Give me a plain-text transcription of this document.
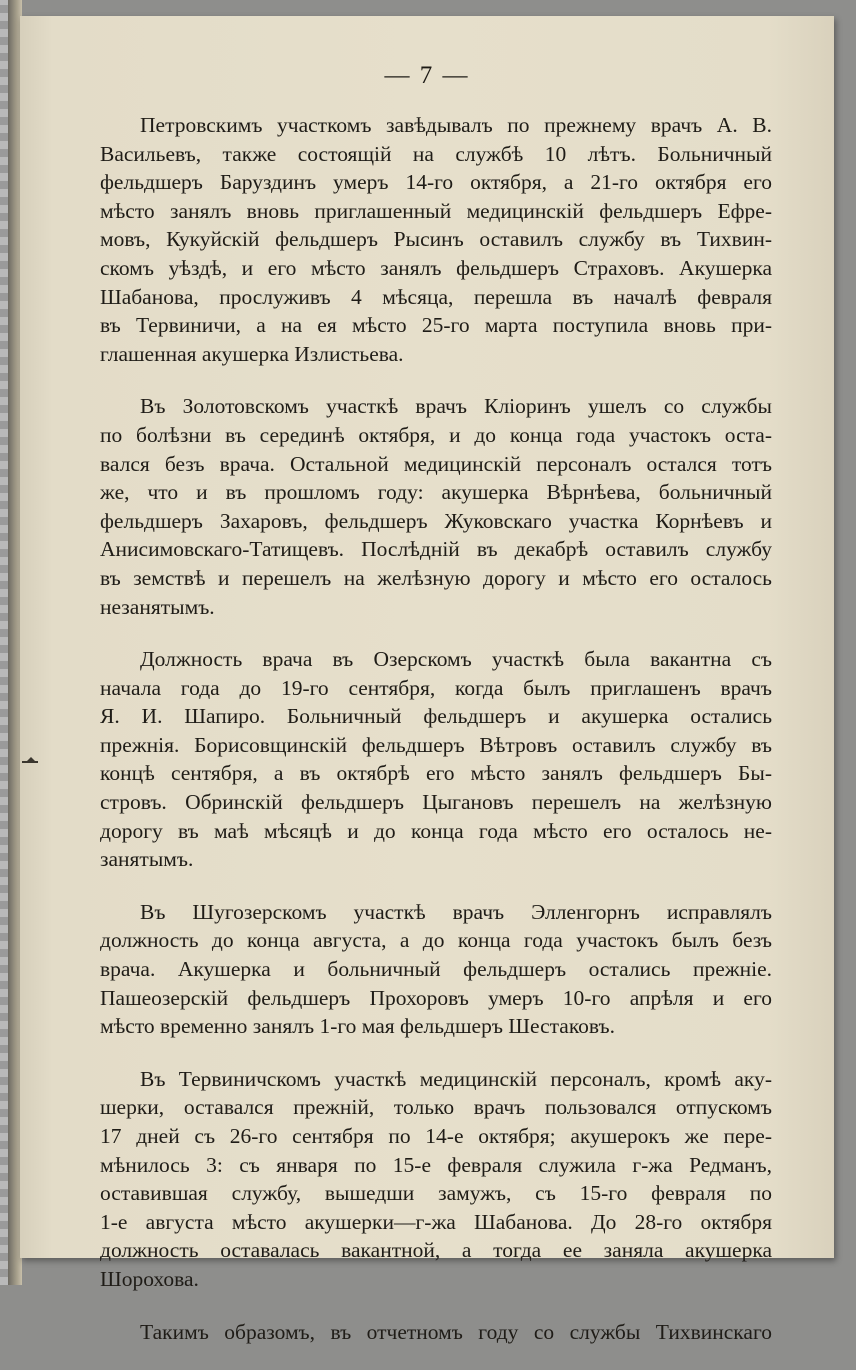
— 7 —

Петровскимъ участкомъ завѣдывалъ по прежнему врачъ А. В.
Васильевъ, также состоящій на службѣ 10 лѣтъ. Больничный
фельдшеръ Баруздинъ умеръ 14-го октября, а 21-го октября его
мѣсто занялъ вновь приглашенный медицинскій фельдшеръ Ефре-
мовъ, Кукуйскій фельдшеръ Рысинъ оставилъ службу въ Тихвин-
скомъ уѣздѣ, и его мѣсто занялъ фельдшеръ Страховъ. Акушерка
Шабанова, прослуживъ 4 мѣсяца, перешла въ началѣ февраля
въ Тервиничи, а на ея мѣсто 25-го марта поступила вновь при-
глашенная акушерка Излистьева.

Въ Золотовскомъ участкѣ врачъ Кліоринъ ушелъ со службы
по болѣзни въ серединѣ октября, и до конца года участокъ оста-
вался безъ врача. Остальной медицинскій персоналъ остался тотъ
же, что и въ прошломъ году: акушерка Вѣрнѣева, больничный
фельдшеръ Захаровъ, фельдшеръ Жуковскаго участка Корнѣевъ и
Анисимовскаго-Татищевъ. Послѣдній въ декабрѣ оставилъ службу
въ земствѣ и перешелъ на желѣзную дорогу и мѣсто его осталось
незанятымъ.

Должность врача въ Озерскомъ участкѣ была вакантна съ
начала года до 19-го сентября, когда былъ приглашенъ врачъ
Я. И. Шапиро. Больничный фельдшеръ и акушерка остались
прежнія. Борисовщинскій фельдшеръ Вѣтровъ оставилъ службу въ
концѣ сентября, а въ октябрѣ его мѣсто занялъ фельдшеръ Бы-
стровъ. Обринскій фельдшеръ Цыгановъ перешелъ на желѣзную
дорогу въ маѣ мѣсяцѣ и до конца года мѣсто его осталось не-
занятымъ.

Въ Шугозерскомъ участкѣ врачъ Элленгорнъ исправлялъ
должность до конца августа, а до конца года участокъ былъ безъ
врача. Акушерка и больничный фельдшеръ остались прежніе.
Пашеозерскій фельдшеръ Прохоровъ умеръ 10-го апрѣля и его
мѣсто временно занялъ 1-го мая фельдшеръ Шестаковъ.

Въ Тервиничскомъ участкѣ медицинскій персоналъ, кромѣ аку-
шерки, оставался прежній, только врачъ пользовался отпускомъ
17 дней съ 26-го сентября по 14-е октября; акушерокъ же пере-
мѣнилось 3: съ января по 15-е февраля служила г-жа Редманъ,
оставившая службу, вышедши замужъ, съ 15-го февраля по
1-е августа мѣсто акушерки—г-жа Шабанова. До 28-го октября
должность оставалась вакантной, а тогда ее заняла акушерка
Шорохова.

Такимъ образомъ, въ отчетномъ году со службы Тихвинскаго
